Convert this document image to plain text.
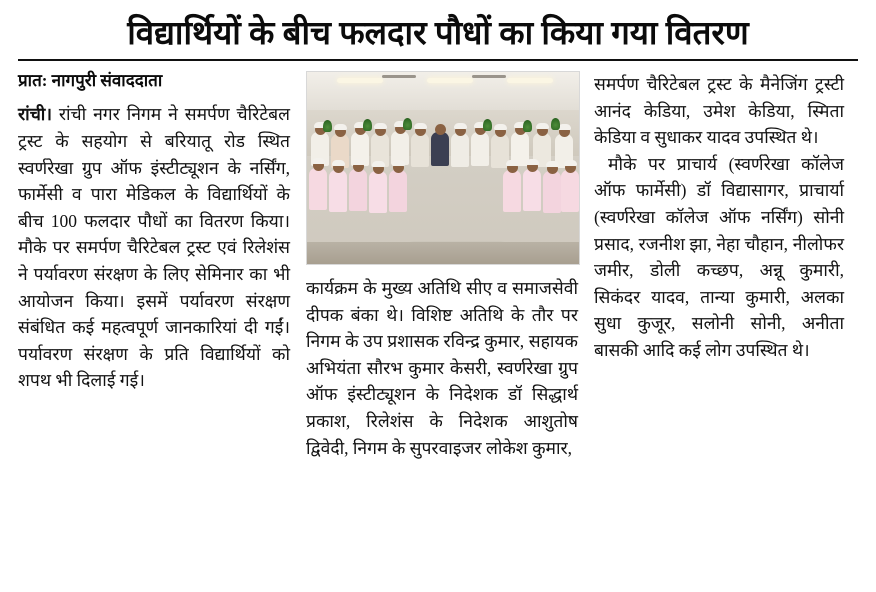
विद्यार्थियों के बीच फलदार पौधों का किया गया वितरण
प्रात: नागपुरी संवाददाता
रांची। रांची नगर निगम ने समर्पण चैरिटेबल ट्रस्ट के सहयोग से बरियातू रोड स्थित स्वर्णरेखा ग्रुप ऑफ इंस्टीट्यूशन के नर्सिंग, फार्मेसी व पारा मेडिकल के विद्यार्थियों के बीच 100 फलदार पौधों का वितरण किया। मौके पर समर्पण चैरिटेबल ट्रस्ट एवं रिलेशंस ने पर्यावरण संरक्षण के लिए सेमिनार का भी आयोजन किया। इसमें पर्यावरण संरक्षण संबंधित कई महत्वपूर्ण जानकारियां दी गईं। पर्यावरण संरक्षण के प्रति विद्यार्थियों को शपथ भी दिलाई गई।
कार्यक्रम के मुख्य अतिथि सीए व समाजसेवी दीपक बंका थे। विशिष्ट अतिथि के तौर पर निगम के उप प्रशासक रविन्द्र कुमार, सहायक अभियंता सौरभ कुमार केसरी, स्वर्णरेखा ग्रुप ऑफ इंस्टीट्यूशन के निदेशक डॉ सिद्धार्थ प्रकाश, रिलेशंस के निदेशक आशुतोष द्विवेदी, निगम के सुपरवाइजर लोकेश कुमार,
समर्पण चैरिटेबल ट्रस्ट के मैनेजिंग ट्रस्टी आनंद केडिया, उमेश केडिया, स्मिता केडिया व सुधाकर यादव उपस्थित थे।
मौके पर प्राचार्य (स्वर्णरेखा कॉलेज ऑफ फार्मेसी) डॉ विद्यासागर, प्राचार्या (स्वर्णरेखा कॉलेज ऑफ नर्सिंग) सोनी प्रसाद, रजनीश झा, नेहा चौहान, नीलोफर जमीर, डोली कच्छप, अन्नू कुमारी, सिकंदर यादव, तान्या कुमारी, अलका सुधा कुजूर, सलोनी सोनी, अनीता बासकी आदि कई लोग उपस्थित थे।
